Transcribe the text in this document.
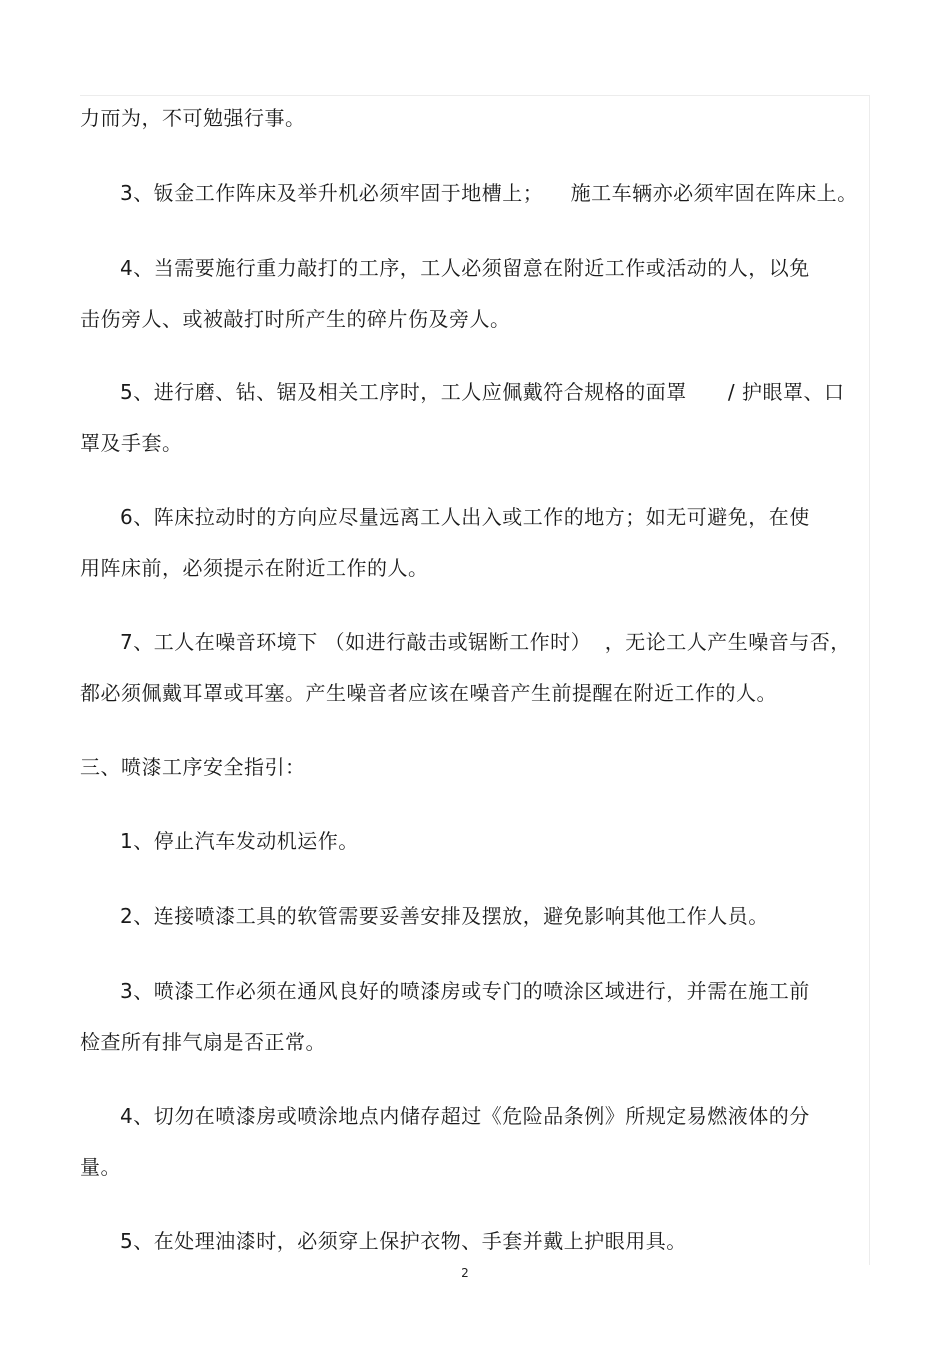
力而为，不可勉强行事。
3、钣金工作阵床及举升机必须牢固于地槽上；    施工车辆亦必须牢固在阵床上。
4、当需要施行重力敲打的工序，工人必须留意在附近工作或活动的人，以免
击伤旁人、或被敲打时所产生的碎片伤及旁人。
5、进行磨、钻、锯及相关工序时，工人应佩戴符合规格的面罩      / 护眼罩、口
罩及手套。
6、阵床拉动时的方向应尽量远离工人出入或工作的地方；如无可避免，在使
用阵床前，必须提示在附近工作的人。
7、工人在噪音环境下 （如进行敲击或锯断工作时）  ，无论工人产生噪音与否，
都必须佩戴耳罩或耳塞。产生噪音者应该在噪音产生前提醒在附近工作的人。
三、喷漆工序安全指引：
1、停止汽车发动机运作。
2、连接喷漆工具的软管需要妥善安排及摆放，避免影响其他工作人员。
3、喷漆工作必须在通风良好的喷漆房或专门的喷涂区域进行，并需在施工前
检查所有排气扇是否正常。
4、切勿在喷漆房或喷涂地点内储存超过《危险品条例》所规定易燃液体的分
量。
5、在处理油漆时，必须穿上保护衣物、手套并戴上护眼用具。
2
